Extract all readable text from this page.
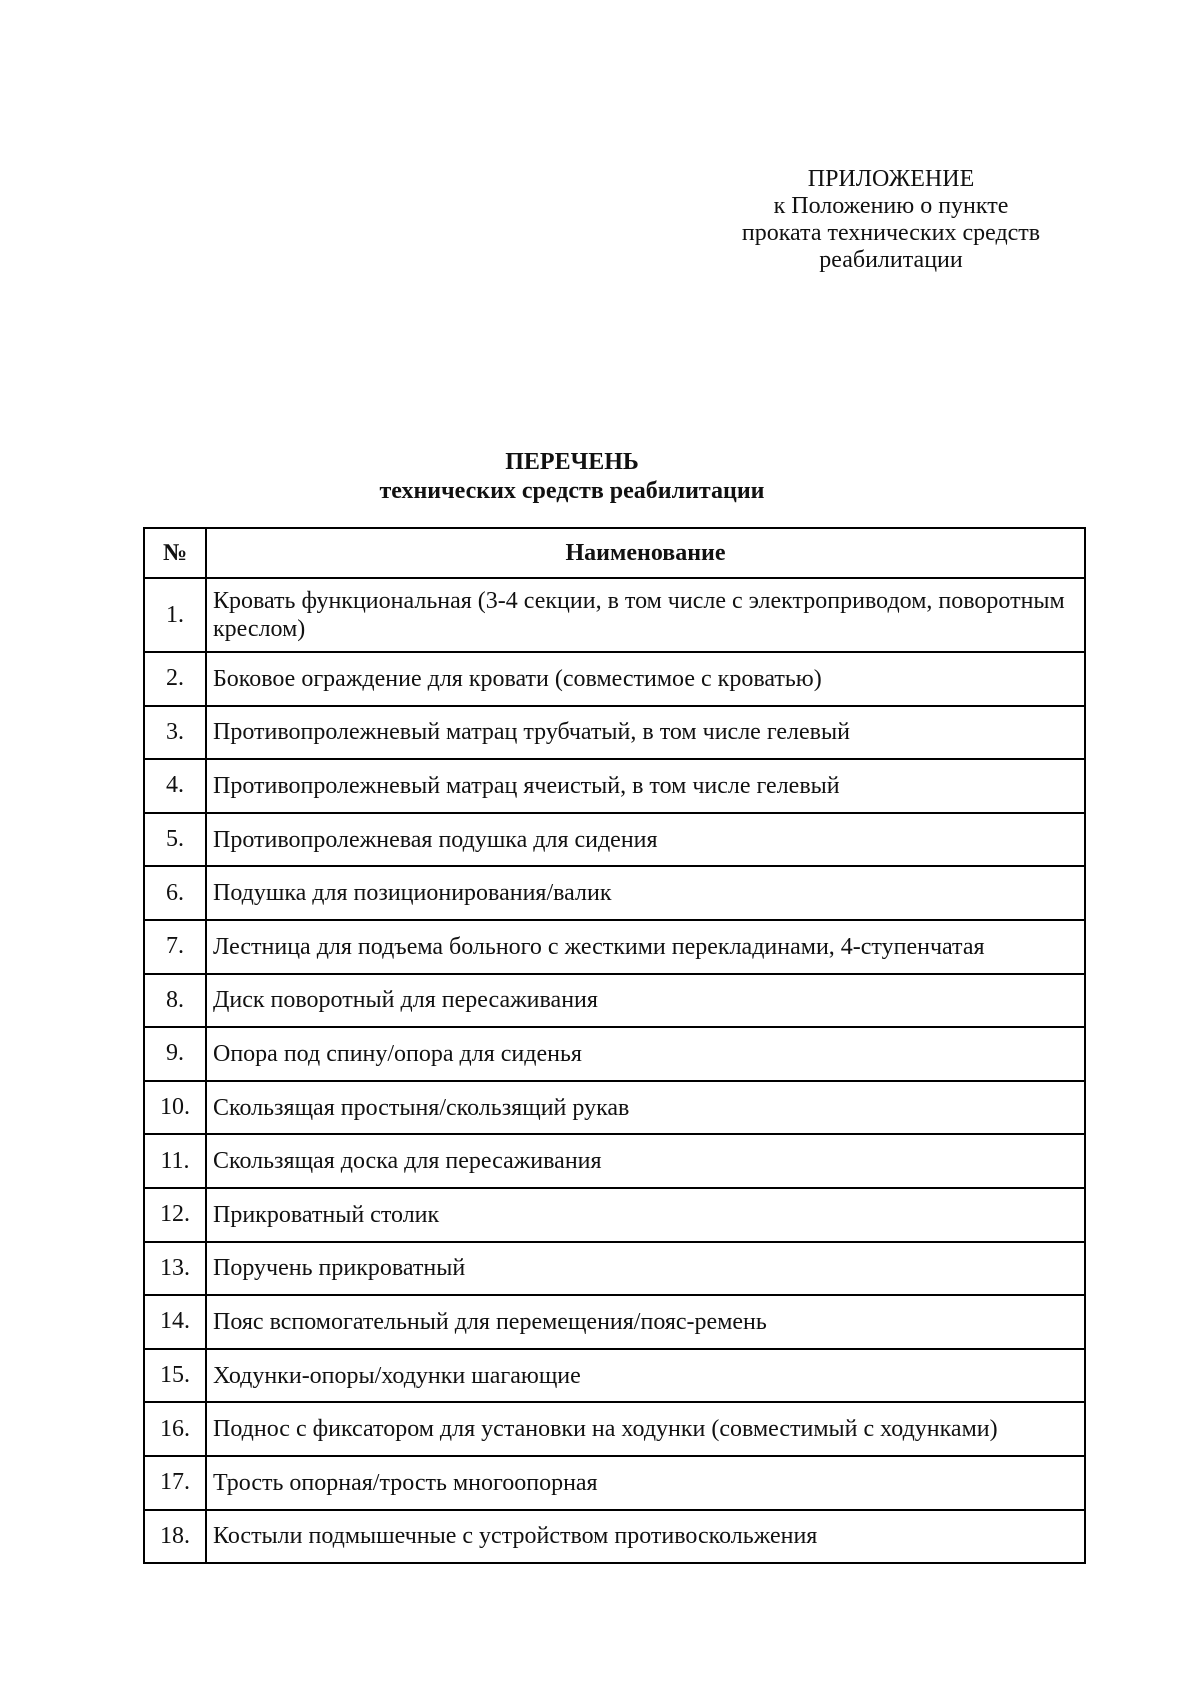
ПРИЛОЖЕНИЕ
к Положению о пункте
проката технических средств
реабилитации
ПЕРЕЧЕНЬ
технических средств реабилитации
№	Наименование
1.	Кровать функциональная (3-4 секции, в том числе с электроприводом, поворотным креслом)
2.	Боковое ограждение для кровати (совместимое с кроватью)
3.	Противопролежневый матрац трубчатый, в том числе гелевый
4.	Противопролежневый матрац ячеистый, в том числе гелевый
5.	Противопролежневая подушка для сидения
6.	Подушка для позиционирования/валик
7.	Лестница для подъема больного с жесткими перекладинами, 4-ступенчатая
8.	Диск поворотный для пересаживания
9.	Опора под спину/опора для сиденья
10.	Скользящая простыня/скользящий рукав
11.	Скользящая доска для пересаживания
12.	Прикроватный столик
13.	Поручень прикроватный
14.	Пояс вспомогательный для перемещения/пояс-ремень
15.	Ходунки-опоры/ходунки шагающие
16.	Поднос с фиксатором для установки на ходунки (совместимый с ходунками)
17.	Трость опорная/трость многоопорная
18.	Костыли подмышечные с устройством противоскольжения
